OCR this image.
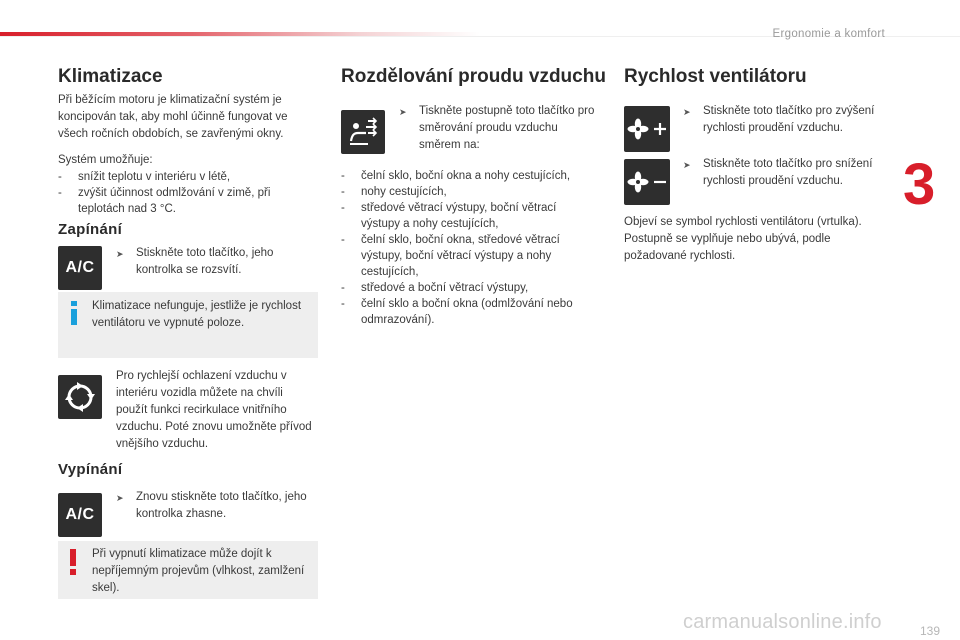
Ergonomie a komfort
3
Klimatizace
Při běžícím motoru je klimatizační systém je koncipován tak, aby mohl účinně fungovat ve všech ročních obdobích, se zavřenými okny.
Systém umožňuje:
- snížit teplotu v interiéru v létě,
- zvýšit účinnost odmlžování v zimě, při teplotách nad 3 °C.
Zapínání
A/C
➤ Stiskněte toto tlačítko, jeho kontrolka se rozsvítí.
Klimatizace nefunguje, jestliže je rychlost ventilátoru ve vypnuté poloze.
Pro rychlejší ochlazení vzduchu v interiéru vozidla můžete na chvíli použít funkci recirkulace vnitřního vzduchu. Poté znovu umožněte přívod vnějšího vzduchu.
Vypínání
A/C
➤ Znovu stiskněte toto tlačítko, jeho kontrolka zhasne.
Při vypnutí klimatizace může dojít k nepříjemným projevům (vlhkost, zamlžení skel).
Rozdělování proudu vzduchu
➤ Tiskněte postupně toto tlačítko pro směrování proudu vzduchu směrem na:
- čelní sklo, boční okna a nohy cestujících,
- nohy cestujících,
- středové větrací výstupy, boční větrací výstupy a nohy cestujících,
- čelní sklo, boční okna, středové větrací výstupy, boční větrací výstupy a nohy cestujících,
- středové a boční větrací výstupy,
- čelní sklo a boční okna (odmlžování nebo odmrazování).
Rychlost ventilátoru
➤ Stiskněte toto tlačítko pro zvýšení rychlosti proudění vzduchu.
➤ Stiskněte toto tlačítko pro snížení rychlosti proudění vzduchu.
Objeví se symbol rychlosti ventilátoru (vrtulka). Postupně se vyplňuje nebo ubývá, podle požadované rychlosti.
carmanualsonline.info	139
